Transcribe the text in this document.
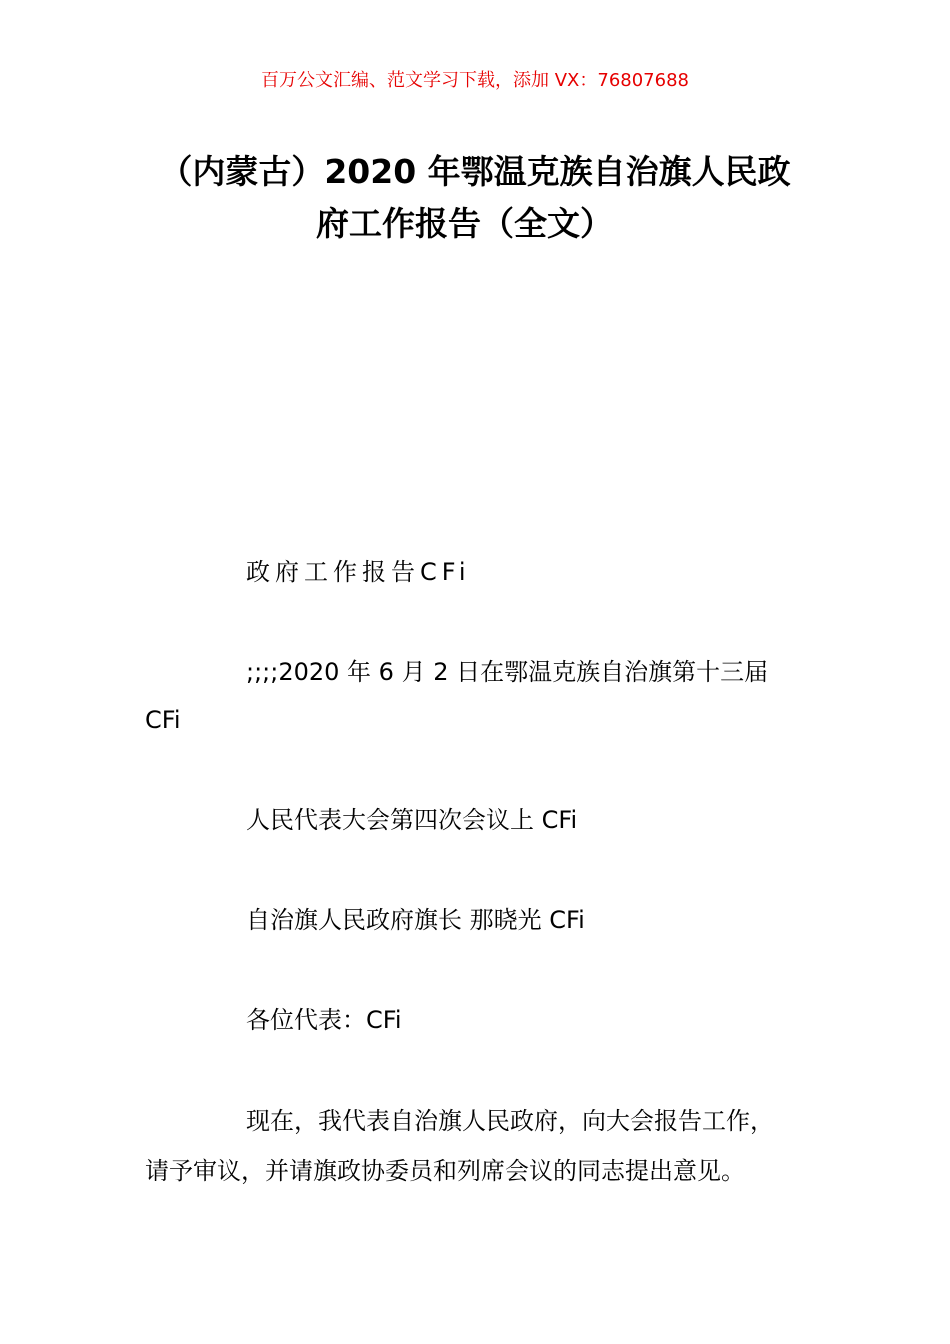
百万公文汇编、范文学习下载，添加 VX：76807688
（内蒙古）2020 年鄂温克族自治旗人民政
府工作报告（全文）
政府工作报告CFi
;;;;2020 年 6 月 2 日在鄂温克族自治旗第十三届
CFi
人民代表大会第四次会议上 CFi
自治旗人民政府旗长 那晓光 CFi
各位代表：CFi
现在，我代表自治旗人民政府，向大会报告工作，
请予审议，并请旗政协委员和列席会议的同志提出意见。
